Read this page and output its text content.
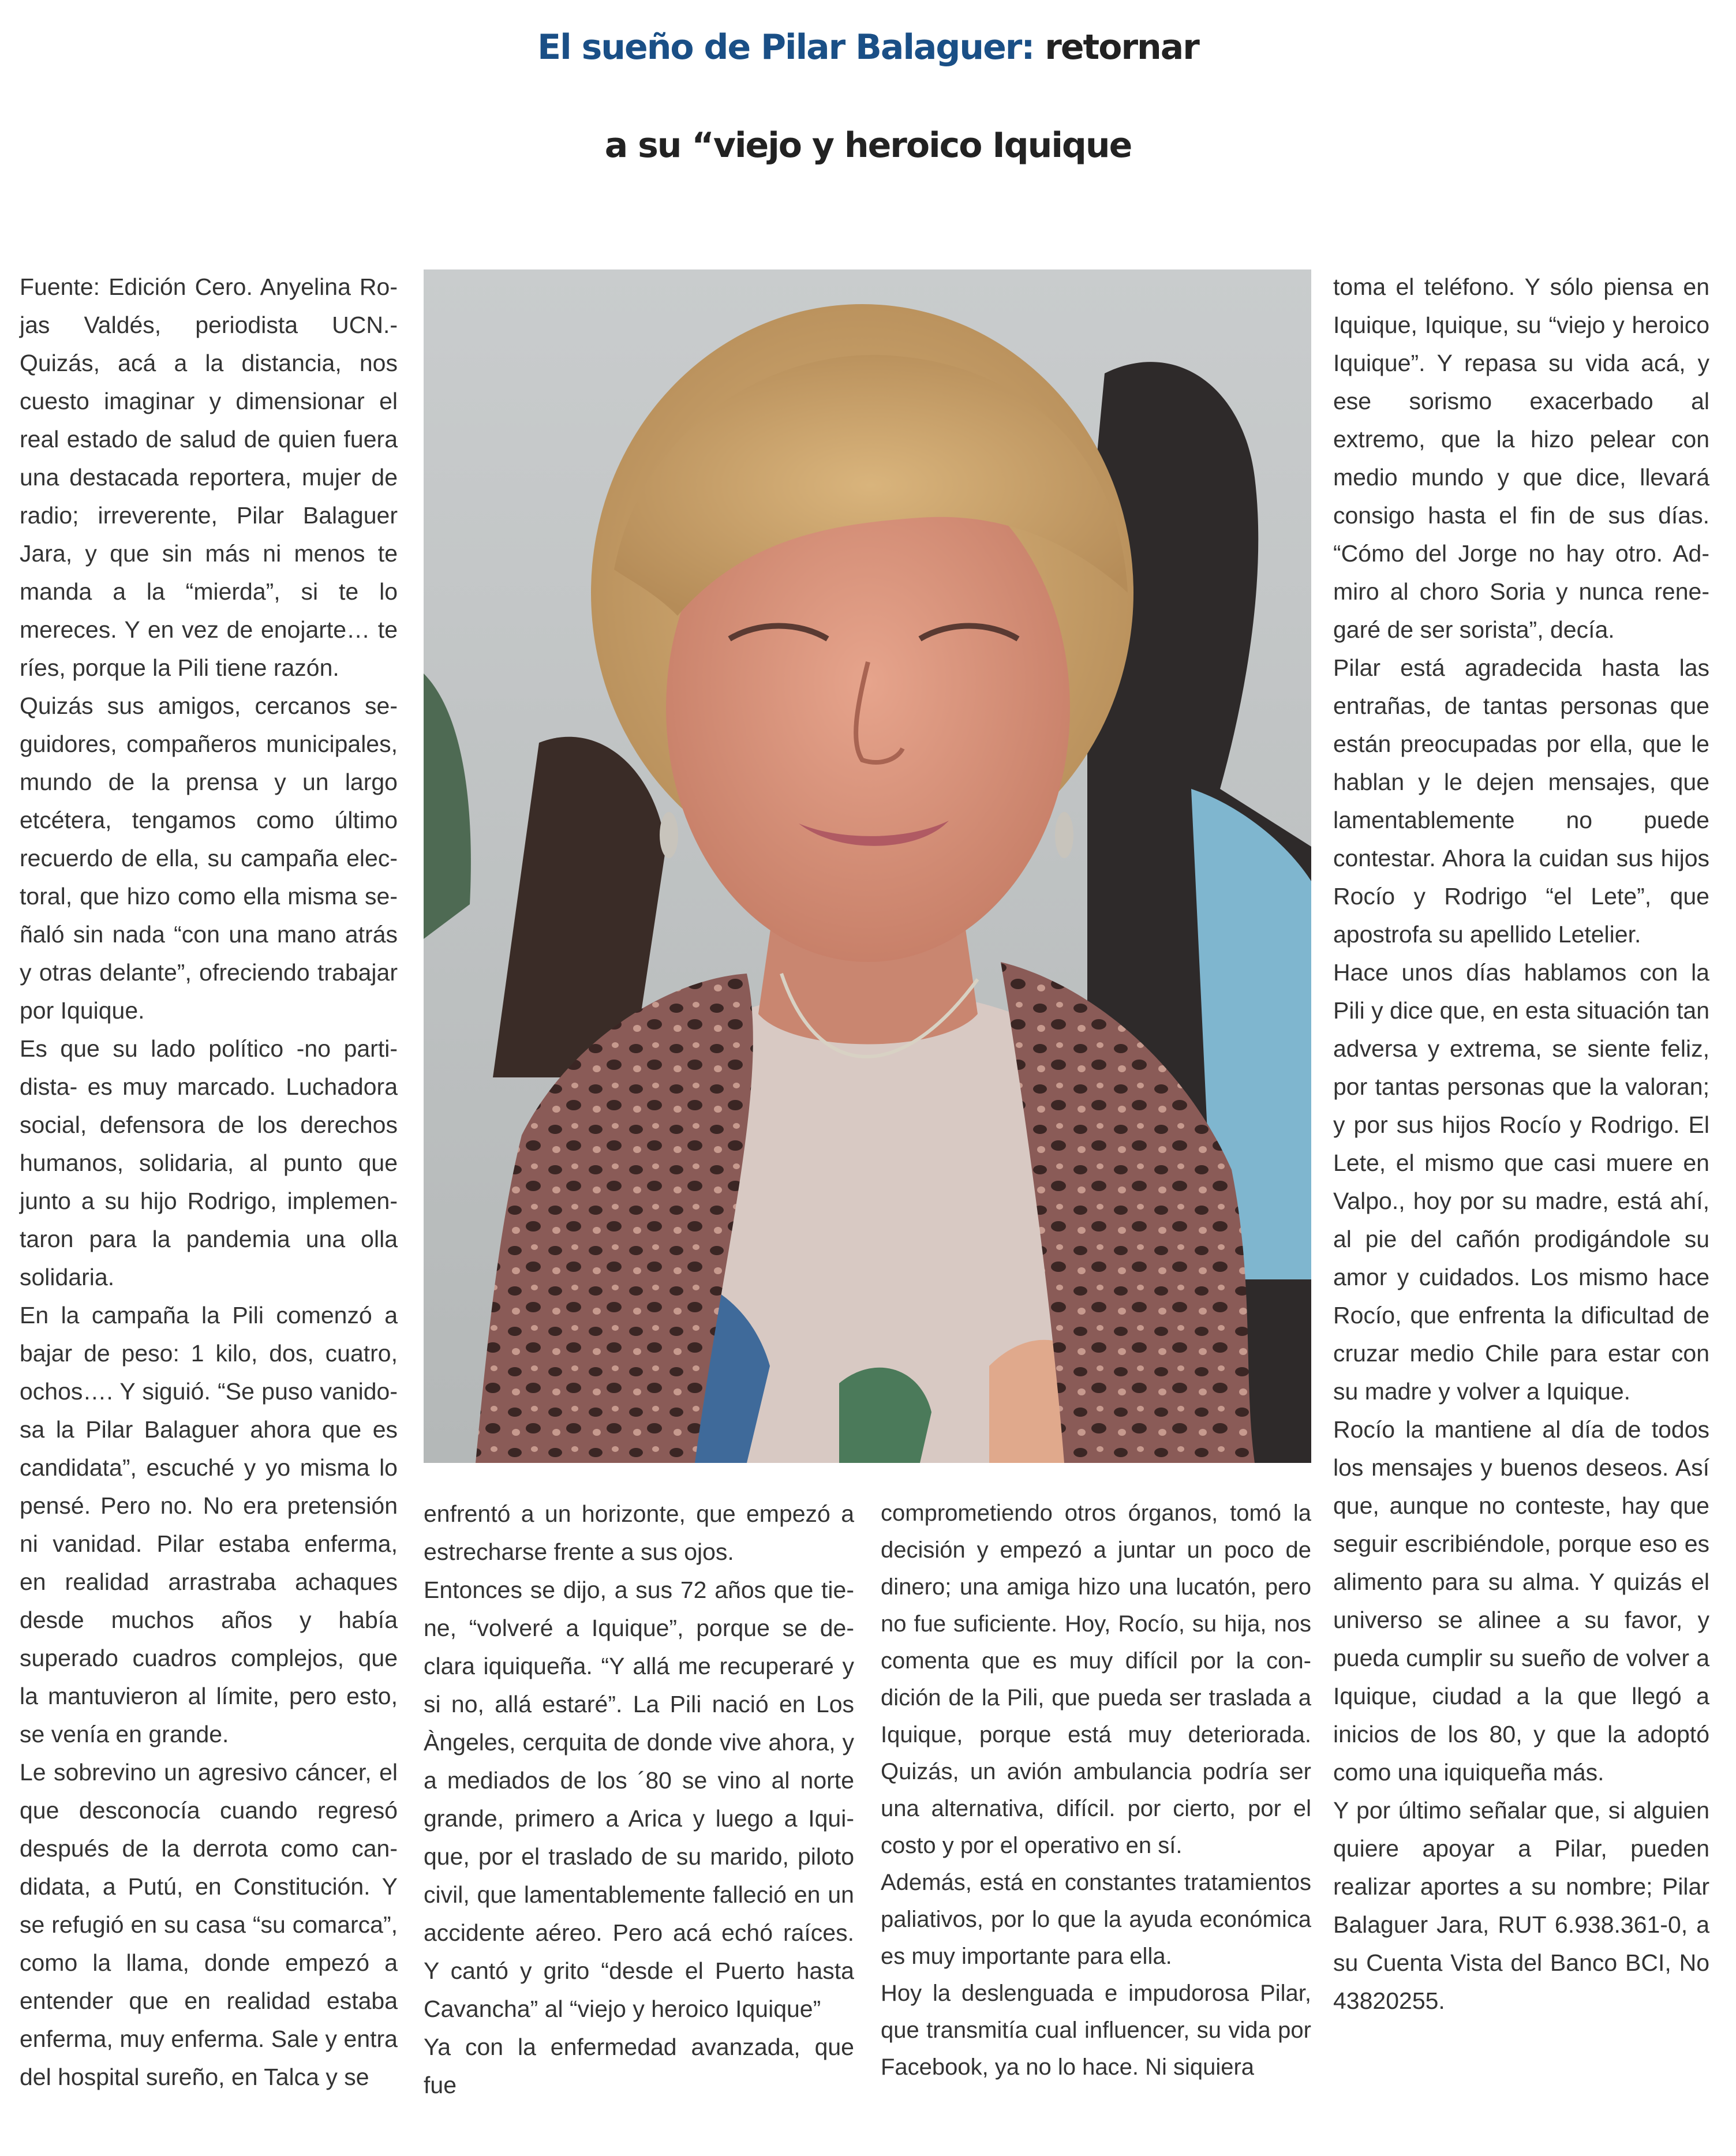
El sueño de Pilar Balaguer: retornar
a su “viejo y heroico Iquique

Fuente: Edición Cero. Anyelina Rojas Valdés, periodista UCN.- Quizás, acá a la distancia, nos cuesto imaginar y dimensionar el real estado de salud de quien fuera una destacada reportera, mujer de radio; irreverente, Pilar Balaguer Jara, y que sin más ni menos te manda a la “mierda”, si te lo mereces. Y en vez de enojarte… te ríes, porque la Pili tiene razón.

Quizás sus amigos, cercanos seguidores, compañeros municipales, mundo de la prensa y un largo etcétera, tengamos como último recuerdo de ella, su campaña electoral, que hizo como ella misma señaló sin nada “con una mano atrás y otras delante”, ofreciendo trabajar por Iquique.

Es que su lado político -no partidista- es muy marcado. Luchadora social, defensora de los derechos humanos, solidaria, al punto que junto a su hijo Rodrigo, implementaron para la pandemia una olla solidaria.

En la campaña la Pili comenzó a bajar de peso: 1 kilo, dos, cuatro, ochos…. Y siguió. “Se puso vanidosa la Pilar Balaguer ahora que es candidata”, escuché y yo misma lo pensé. Pero no. No era pretensión ni vanidad. Pilar estaba enferma, en realidad arrastraba achaques desde muchos años y había superado cuadros complejos, que la mantuvieron al límite, pero esto, se venía en grande.

Le sobrevino un agresivo cáncer, el que desconocía cuando regresó después de la derrota como candidata, a Putú, en Constitución. Y se refugió en su casa “su comarca”, como la llama, donde empezó a entender que en realidad estaba enferma, muy enferma. Sale y entra del hospital sureño, en Talca y se

enfrentó a un horizonte, que empezó a estrecharse frente a sus ojos.

Entonces se dijo, a sus 72 años que tiene, “volveré a Iquique”, porque se declara iquiqueña. “Y allá me recuperaré y si no, allá estaré”. La Pili nació en Los Àngeles, cerquita de donde vive ahora, y a mediados de los ´80 se vino al norte grande, primero a Arica y luego a Iquique, por el traslado de su marido, piloto civil, que lamentablemente falleció en un accidente aéreo. Pero acá echó raíces. Y cantó y grito “desde el Puerto hasta Cavancha” al “viejo y heroico Iquique”

Ya con la enfermedad avanzada, que fue

comprometiendo otros órganos, tomó la decisión y empezó a juntar un poco de dinero; una amiga hizo una lucatón, pero no fue suficiente. Hoy, Rocío, su hija, nos comenta que es muy difícil por la condición de la Pili, que pueda ser traslada a Iquique, porque está muy deteriorada. Quizás, un avión ambulancia podría ser una alternativa, difícil. por cierto, por el costo y por el operativo en sí.

Además, está en constantes tratamientos paliativos, por lo que la ayuda económica es muy importante para ella.

Hoy la deslenguada e impudorosa Pilar, que transmitía cual influencer, su vida por Facebook, ya no lo hace. Ni siquiera

toma el teléfono. Y sólo piensa en Iquique, Iquique, su “viejo y heroico Iquique”. Y repasa su vida acá, y ese sorismo exacerbado al extremo, que la hizo pelear con medio mundo y que dice, llevará consigo hasta el fin de sus días. “Cómo del Jorge no hay otro. Admiro al choro Soria y nunca renegaré de ser sorista”, decía.

Pilar está agradecida hasta las entrañas, de tantas personas que están preocupadas por ella, que le hablan y le dejen mensajes, que lamentablemente no puede contestar. Ahora la cuidan sus hijos Rocío y Rodrigo “el Lete”, que apostrofa su apellido Letelier.

Hace unos días hablamos con la Pili y dice que, en esta situación tan adversa y extrema, se siente feliz, por tantas personas que la valoran; y por sus hijos Rocío y Rodrigo. El Lete, el mismo que casi muere en Valpo., hoy por su madre, está ahí, al pie del cañón prodigándole su amor y cuidados. Los mismo hace Rocío, que enfrenta la dificultad de cruzar medio Chile para estar con su madre y volver a Iquique.

Rocío la mantiene al día de todos los mensajes y buenos deseos. Así que, aunque no conteste, hay que seguir escribiéndole, porque eso es alimento para su alma. Y quizás el universo se alinee a su favor, y pueda cumplir su sueño de volver a Iquique, ciudad a la que llegó a inicios de los 80, y que la adoptó como una iquiqueña más.

Y por último señalar que, si alguien quiere apoyar a Pilar, pueden realizar aportes a su nombre; Pilar Balaguer Jara, RUT 6.938.361-0, a su Cuenta Vista del Banco BCI, No 43820255.
